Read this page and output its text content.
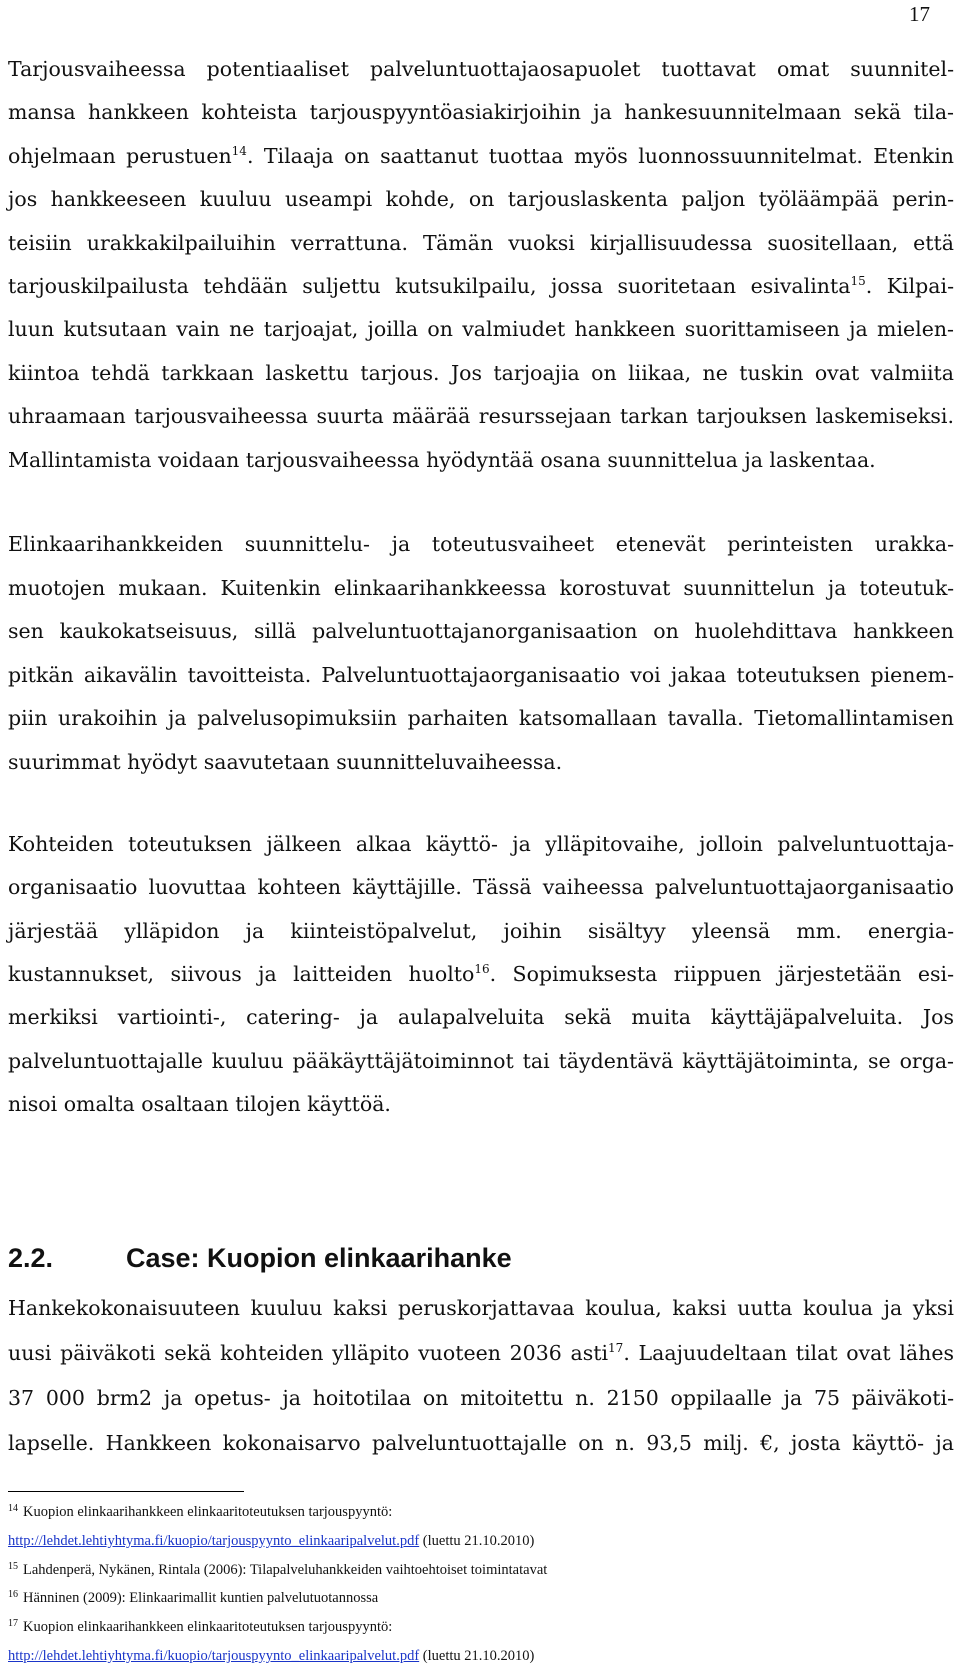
17
Tarjousvaiheessa potentiaaliset palveluntuottajaosapuolet tuottavat omat suunnitel-
mansa hankkeen kohteista tarjouspyyntöasiakirjoihin ja hankesuunnitelmaan sekä tila-
ohjelmaan perustuen$^{14}$. Tilaaja on saattanut tuottaa myös luonnossuunnitelmat. Etenkin
jos hankkeeseen kuuluu useampi kohde, on tarjouslaskenta paljon työläämpää perin-
teisiin urakkakilpailuihin verrattuna. Tämän vuoksi kirjallisuudessa suositellaan, että
tarjouskilpailusta tehdään suljettu kutsukilpailu, jossa suoritetaan esivalinta$^{15}$. Kilpai-
luun kutsutaan vain ne tarjoajat, joilla on valmiudet hankkeen suorittamiseen ja mielen-
kiintoa tehdä tarkkaan laskettu tarjous. Jos tarjoajia on liikaa, ne tuskin ovat valmiita
uhraamaan tarjousvaiheessa suurta määrää resurssejaan tarkan tarjouksen laskemiseksi.
Mallintamista voidaan tarjousvaiheessa hyödyntää osana suunnittelua ja laskentaa.
Elinkaarihankkeiden suunnittelu- ja toteutusvaiheet etenevät perinteisten urakka-
muotojen mukaan. Kuitenkin elinkaarihankkeessa korostuvat suunnittelun ja toteutuk-
sen kaukokatseisuus, sillä palveluntuottajanorganisaation on huolehdittava hankkeen
pitkän aikavälin tavoitteista. Palveluntuottajaorganisaatio voi jakaa toteutuksen pienem-
piin urakoihin ja palvelusopimuksiin parhaiten katsomallaan tavalla. Tietomallintamisen
suurimmat hyödyt saavutetaan suunnitteluvaiheessa.
Kohteiden toteutuksen jälkeen alkaa käyttö- ja ylläpitovaihe, jolloin palveluntuottaja-
organisaatio luovuttaa kohteen käyttäjille. Tässä vaiheessa palveluntuottajaorganisaatio
järjestää ylläpidon ja kiinteistöpalvelut, joihin sisältyy yleensä mm. energia-
kustannukset, siivous ja laitteiden huolto$^{16}$. Sopimuksesta riippuen järjestetään esi-
merkiksi vartiointi-, catering- ja aulapalveluita sekä muita käyttäjäpalveluita. Jos
palveluntuottajalle kuuluu pääkäyttäjätoiminnot tai täydentävä käyttäjätoiminta, se orga-
nisoi omalta osaltaan tilojen käyttöä.
Hankekokonaisuuteen kuuluu kaksi peruskorjattavaa koulua, kaksi uutta koulua ja yksi
uusi päiväkoti sekä kohteiden ylläpito vuoteen 2036 asti$^{17}$. Laajuudeltaan tilat ovat lähes
37 000 brm2 ja opetus- ja hoitotilaa on mitoitettu n. 2150 oppilaalle ja 75 päiväkoti-
lapselle. Hankkeen kokonaisarvo palveluntuottajalle on n. 93,5 milj. €, josta käyttö- ja
2.2.	Case: Kuopion elinkaarihanke
$^{14}$ Kuopion elinkaarihankkeen elinkaaritoteutuksen tarjouspyyntö:
http://lehdet.lehtiyhtyma.fi/kuopio/tarjouspyynto_elinkaaripalvelut.pdf (luettu 21.10.2010)
$^{15}$ Lahdenperä, Nykänen, Rintala (2006): Tilapalveluhankkeiden vaihtoehtoiset toimintatavat
$^{16}$ Hänninen (2009): Elinkaarimallit kuntien palvelutuotannossa
$^{17}$ Kuopion elinkaarihankkeen elinkaaritoteutuksen tarjouspyyntö:
http://lehdet.lehtiyhtyma.fi/kuopio/tarjouspyynto_elinkaaripalvelut.pdf (luettu 21.10.2010)
